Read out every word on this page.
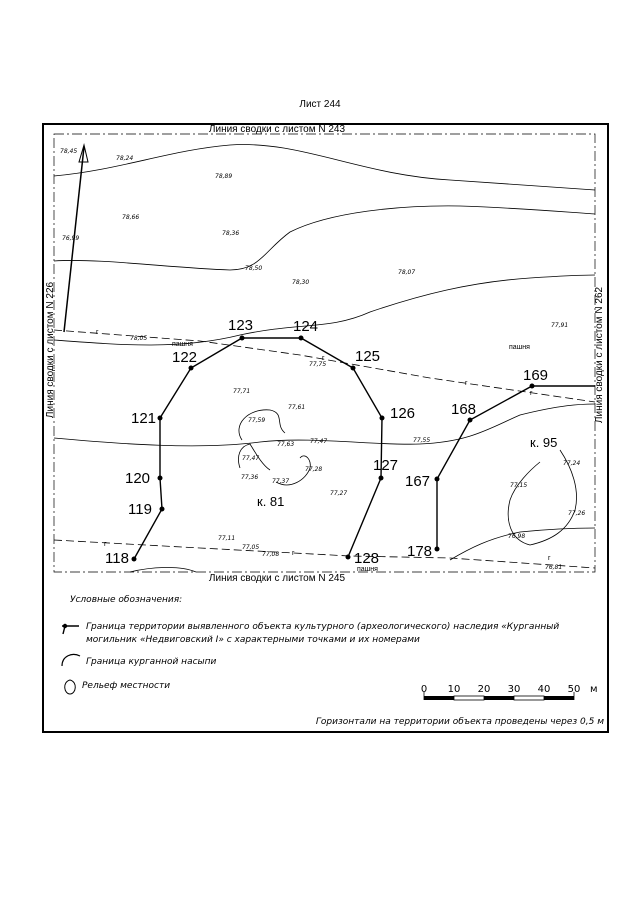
Лист 244
Линия сводки с листом N 243
Линия сводки с листом N 245
Линия сводки с листом N 226	Линия сводки с листом N 262
г
г
г
г
г
г
г
118
119
120
121
122
123	124
125
126
127
128
167
168
169
178
к. 81
к. 95
пашня	пашня
пашня
78,45
78,24
78,89
78,66
78,36
76,99
78,50
78,30
78,07
78,05
77,91
77,75
77,71
77,61
77,59
77,63	77,47
77,47
77,55
77,36
77,37
77,28
77,27
77,24
77,15
77,26
77,11
77,05
77,08
76,98
76,81
Условные обозначения:
Граница территории выявленного объекта культурного (археологического) наследия «Курганный
могильник «Недвиговский I» с характерными точками и их номерами
Граница курганной насыпи
Рельеф местности	0 10 20 30 40 50 м
Горизонтали на территории объекта проведены через 0,5 м
